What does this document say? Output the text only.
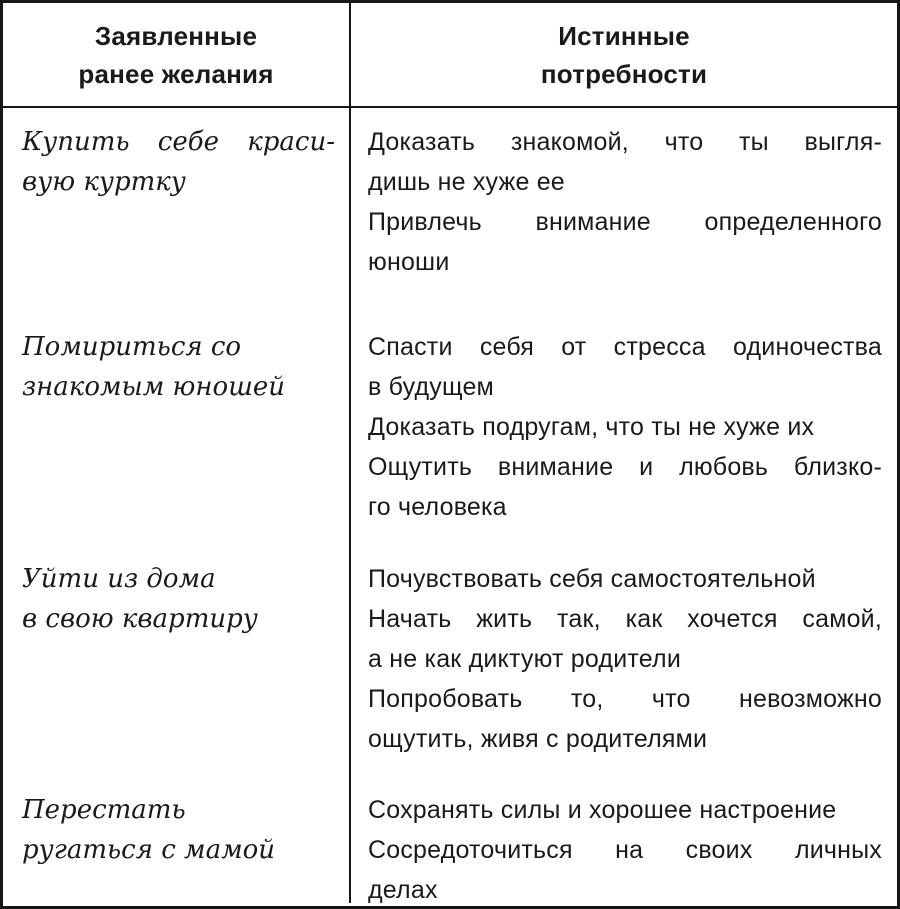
Заявленные
ранее желания
Истинные
потребности
Купить себе краси-
вую куртку
Доказать знакомой, что ты выгля-
дишь не хуже ее
Привлечь внимание определенного
юноши
Помириться со
знакомым юношей
Спасти себя от стресса одиночества
в будущем
Доказать подругам, что ты не хуже их
Ощутить внимание и любовь близко-
го человека
Уйти из дома
в свою квартиру
Почувствовать себя самостоятельной
Начать жить так, как хочется самой,
а не как диктуют родители
Попробовать то, что невозможно
ощутить, живя с родителями
Перестать
ругаться с мамой
Сохранять силы и хорошее настроение
Сосредоточиться на своих личных
делах
